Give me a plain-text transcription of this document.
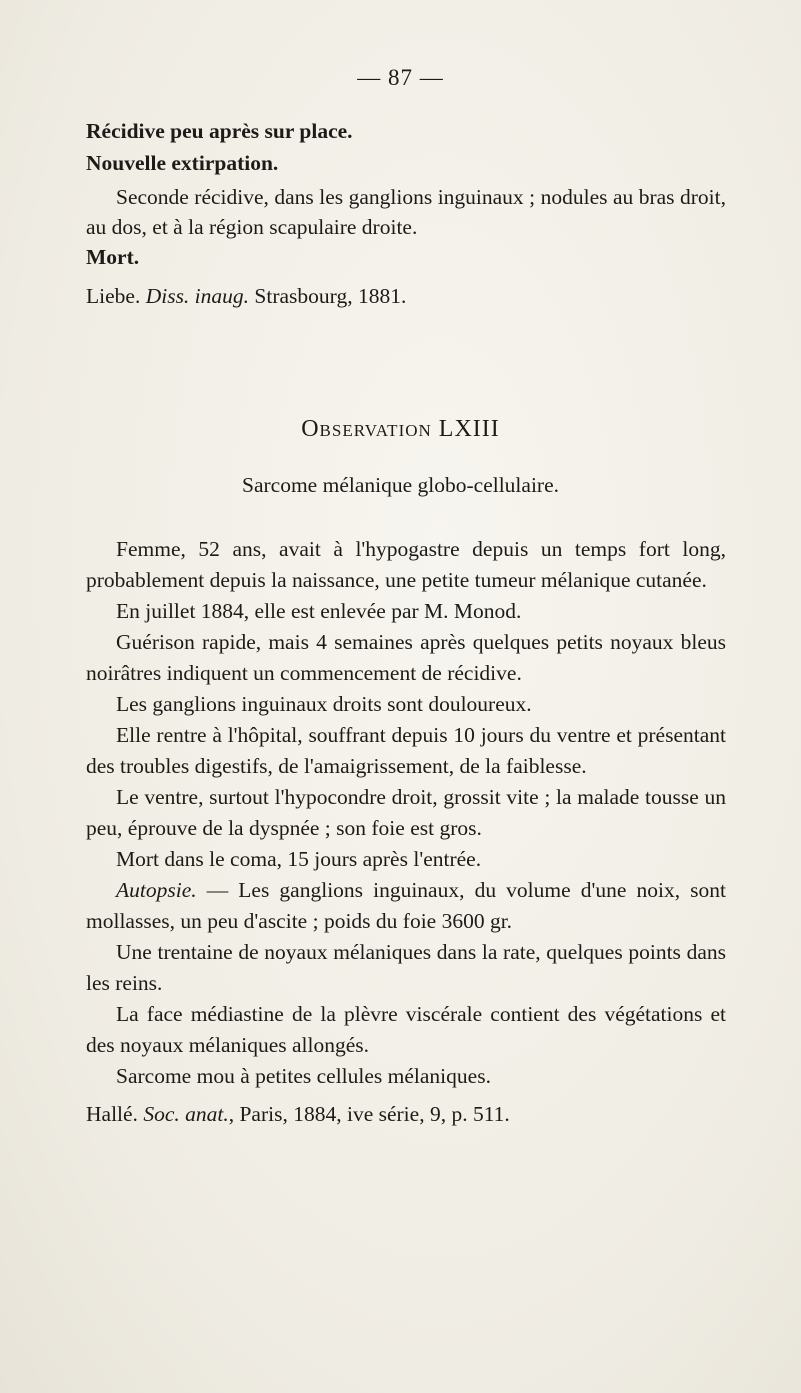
— 87 —
Récidive peu après sur place.
Nouvelle extirpation.

Seconde récidive, dans les ganglions inguinaux ; nodules au bras droit, au dos, et à la région scapulaire droite.

Mort.
Liebe. Diss. inaug. Strasbourg, 1881.
Observation LXIII
Sarcome mélanique globo-cellulaire.

Femme, 52 ans, avait à l'hypogastre depuis un temps fort long, probablement depuis la naissance, une petite tumeur mélanique cutanée.

En juillet 1884, elle est enlevée par M. Monod.

Guérison rapide, mais 4 semaines après quelques petits noyaux bleus noirâtres indiquent un commencement de récidive.

Les ganglions inguinaux droits sont douloureux.

Elle rentre à l'hôpital, souffrant depuis 10 jours du ventre et présentant des troubles digestifs, de l'amaigrissement, de la faiblesse.

Le ventre, surtout l'hypocondre droit, grossit vite ; la malade tousse un peu, éprouve de la dyspnée ; son foie est gros.

Mort dans le coma, 15 jours après l'entrée.

Autopsie. — Les ganglions inguinaux, du volume d'une noix, sont mollasses, un peu d'ascite ; poids du foie 3600 gr.

Une trentaine de noyaux mélaniques dans la rate, quelques points dans les reins.

La face médiastine de la plèvre viscérale contient des végétations et des noyaux mélaniques allongés.

Sarcome mou à petites cellules mélaniques.

Hallé. Soc. anat., Paris, 1884, ive série, 9, p. 511.
